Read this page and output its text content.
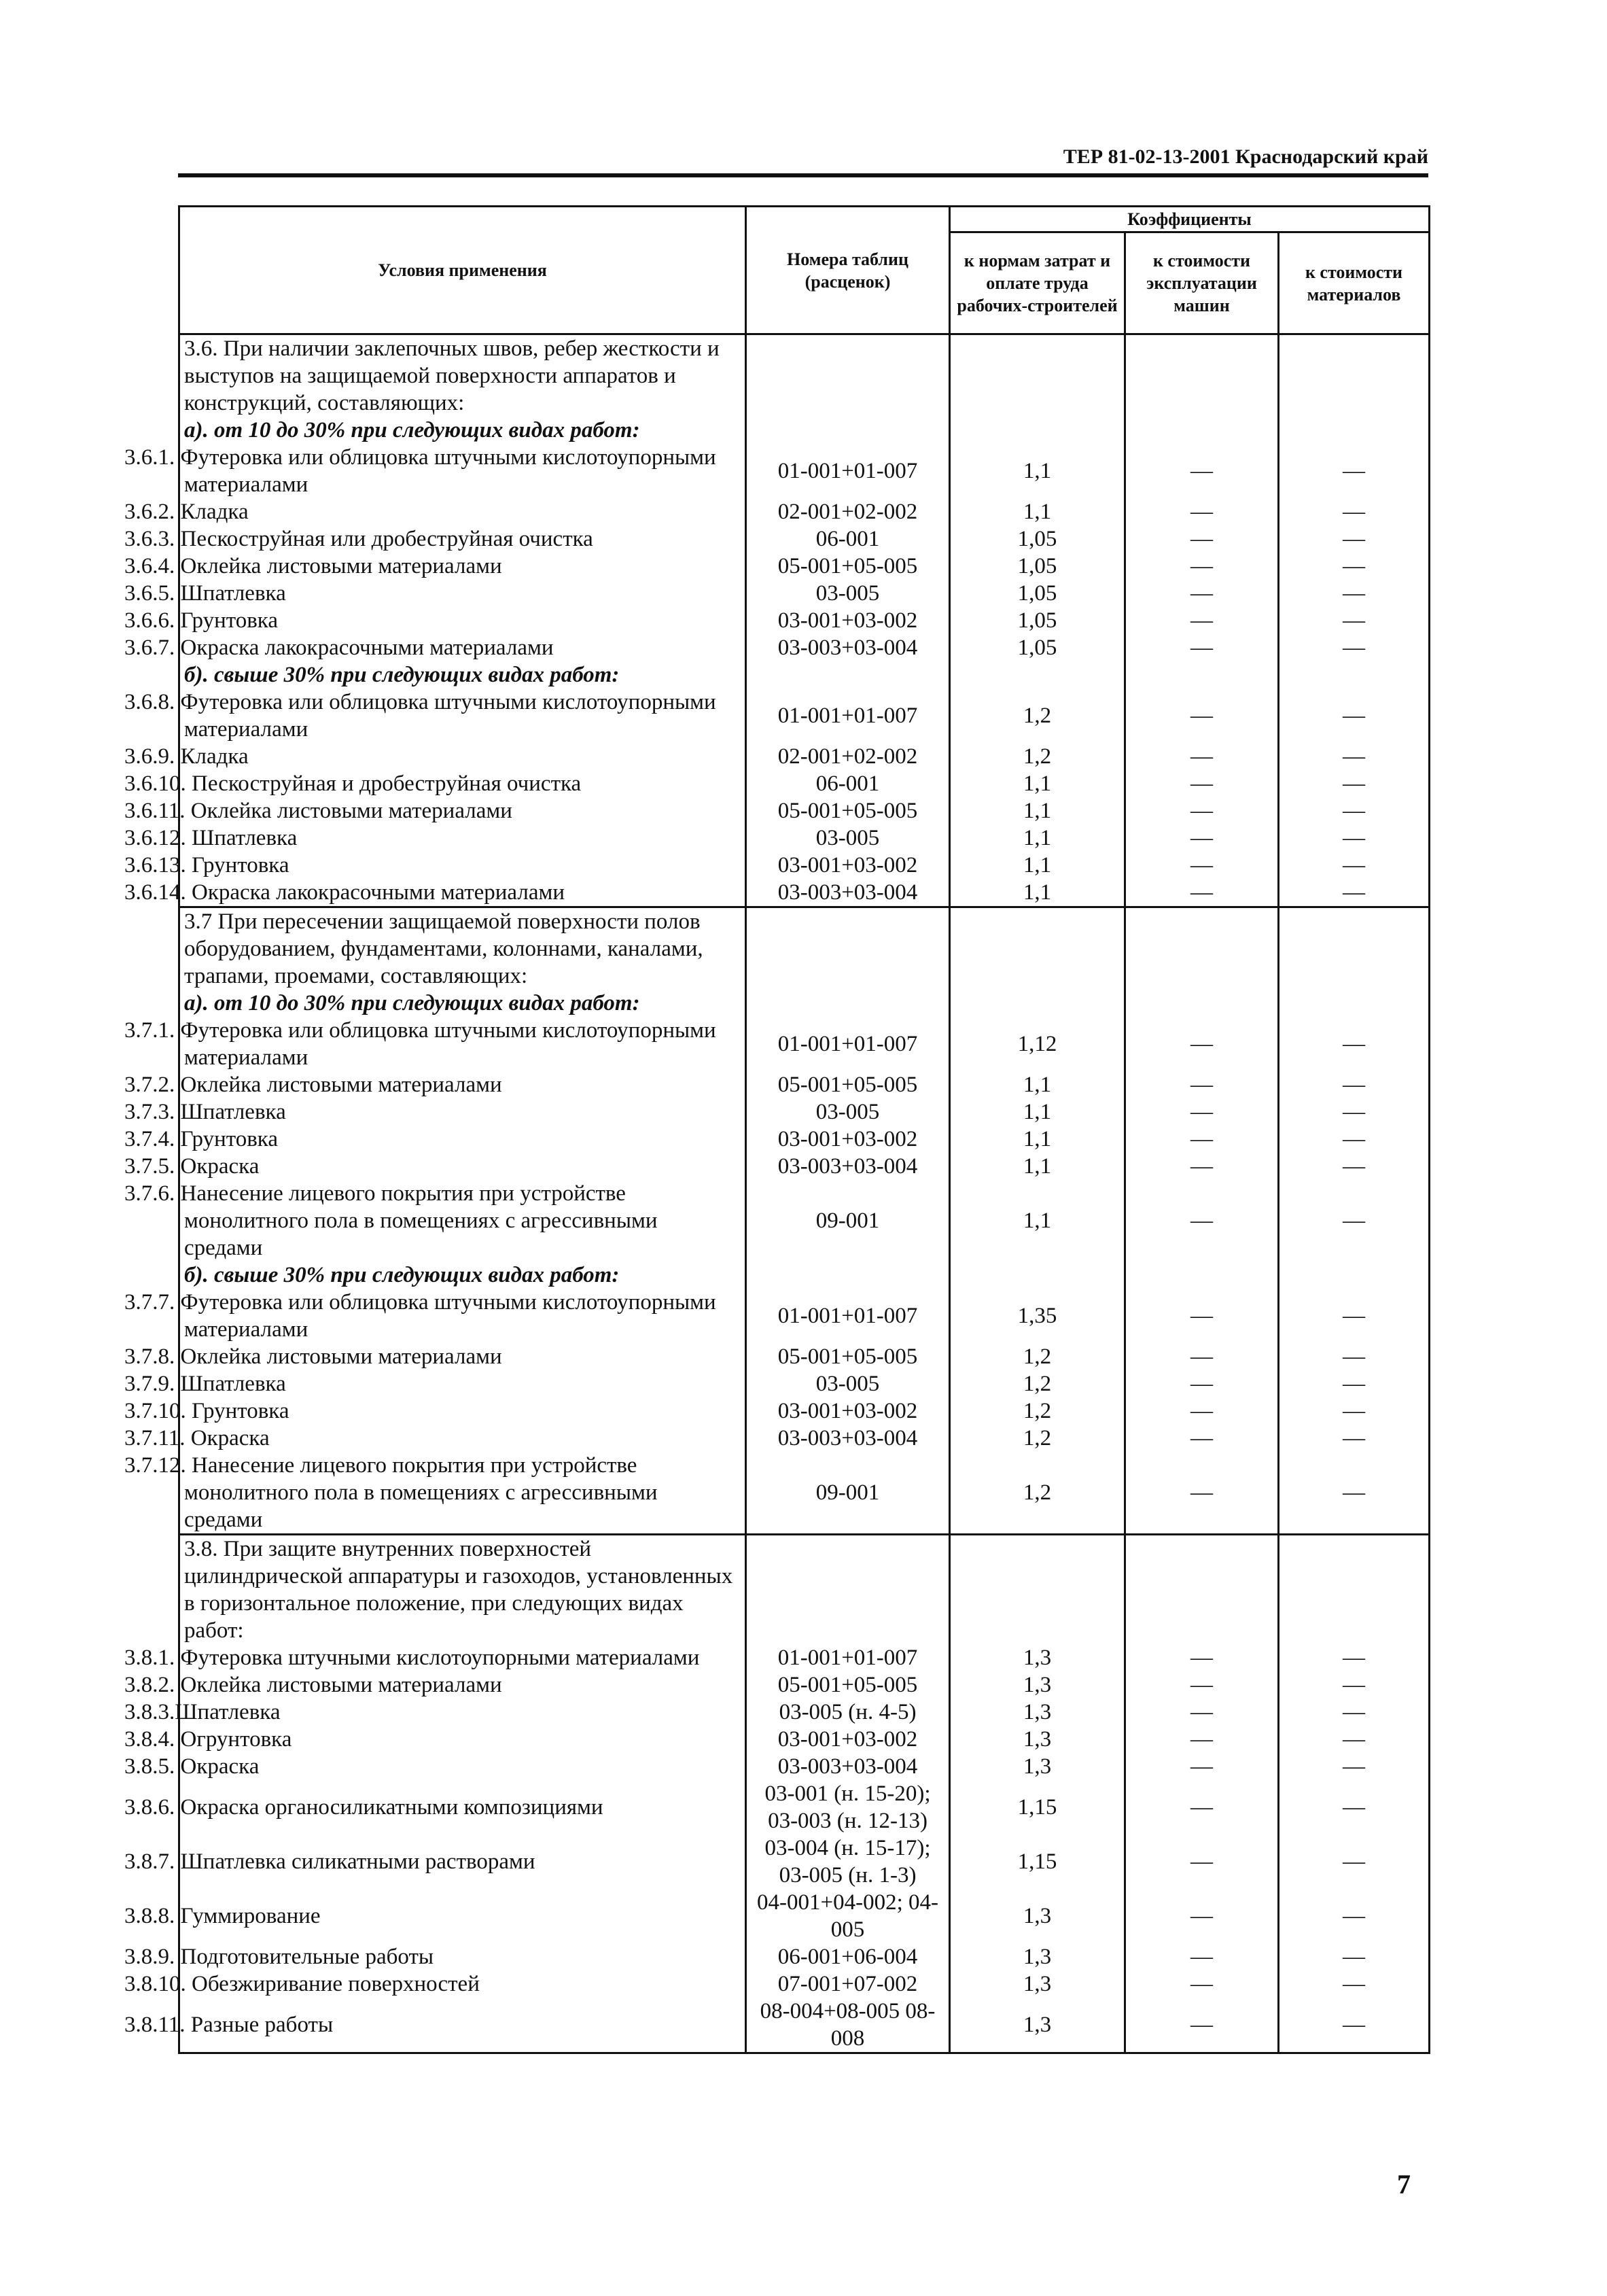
ТЕР 81-02-13-2001 Краснодарский край
Условия применения	Номера таблиц (расценок)	Коэффициенты		
		к нормам затрат и оплате труда рабочих-строителей	к стоимости эксплуатации машин	к стоимости материалов
3.6. При наличии заклепочных швов, ребер жесткости и выступов на защищаемой поверхности аппаратов и конструкций, составляющих:				
а). от 10 до 30% при следующих видах работ:				
3.6.1. Футеровка или облицовка штучными кислотоупорными материалами	01-001+01-007	1,1	—	—
3.6.2. Кладка	02-001+02-002	1,1	—	—
3.6.3. Пескоструйная или дробеструйная очистка	06-001	1,05	—	—
3.6.4. Оклейка листовыми материалами	05-001+05-005	1,05	—	—
3.6.5. Шпатлевка	03-005	1,05	—	—
3.6.6. Грунтовка	03-001+03-002	1,05	—	—
3.6.7. Окраска лакокрасочными материалами	03-003+03-004	1,05	—	—
б). свыше 30% при следующих видах работ:				
3.6.8. Футеровка или облицовка штучными кислотоупорными материалами	01-001+01-007	1,2	—	—
3.6.9. Кладка	02-001+02-002	1,2	—	—
3.6.10. Пескоструйная и дробеструйная очистка	06-001	1,1	—	—
3.6.11. Оклейка листовыми материалами	05-001+05-005	1,1	—	—
3.6.12. Шпатлевка	03-005	1,1	—	—
3.6.13. Грунтовка	03-001+03-002	1,1	—	—
3.6.14. Окраска лакокрасочными материалами	03-003+03-004	1,1	—	—
3.7 При пересечении защищаемой поверхности полов оборудованием, фундаментами, колоннами, каналами, трапами, проемами, составляющих:				
а). от 10 до 30% при следующих видах работ:				
3.7.1. Футеровка или облицовка штучными кислотоупорными материалами	01-001+01-007	1,12	—	—
3.7.2. Оклейка листовыми материалами	05-001+05-005	1,1	—	—
3.7.3. Шпатлевка	03-005	1,1	—	—
3.7.4. Грунтовка	03-001+03-002	1,1	—	—
3.7.5. Окраска	03-003+03-004	1,1	—	—
3.7.6. Нанесение лицевого покрытия при устройстве монолитного пола в помещениях с агрессивными средами	09-001	1,1	—	—
б). свыше 30% при следующих видах работ:				
3.7.7. Футеровка или облицовка штучными кислотоупорными материалами	01-001+01-007	1,35	—	—
3.7.8. Оклейка листовыми материалами	05-001+05-005	1,2	—	—
3.7.9. Шпатлевка	03-005	1,2	—	—
3.7.10. Грунтовка	03-001+03-002	1,2	—	—
3.7.11. Окраска	03-003+03-004	1,2	—	—
3.7.12. Нанесение лицевого покрытия при устройстве монолитного пола в помещениях с агрессивными средами	09-001	1,2	—	—
3.8. При защите внутренних поверхностей цилиндрической аппаратуры и газоходов, установленных в горизонтальное положение, при следующих видах работ:				
3.8.1. Футеровка штучными кислотоупорными материалами	01-001+01-007	1,3	—	—
3.8.2. Оклейка листовыми материалами	05-001+05-005	1,3	—	—
3.8.3.Шпатлевка	03-005 (н. 4-5)	1,3	—	—
3.8.4. Огрунтовка	03-001+03-002	1,3	—	—
3.8.5. Окраска	03-003+03-004	1,3	—	—
3.8.6. Окраска органосиликатными композициями	03-001 (н. 15-20); 03-003 (н. 12-13)	1,15	—	—
3.8.7. Шпатлевка силикатными растворами	03-004 (н. 15-17); 03-005 (н. 1-3)	1,15	—	—
3.8.8. Гуммирование	04-001+04-002; 04-005	1,3	—	—
3.8.9. Подготовительные работы	06-001+06-004	1,3	—	—
3.8.10. Обезжиривание поверхностей	07-001+07-002	1,3	—	—
3.8.11. Разные работы	08-004+08-005 08-008	1,3	—	—
7
